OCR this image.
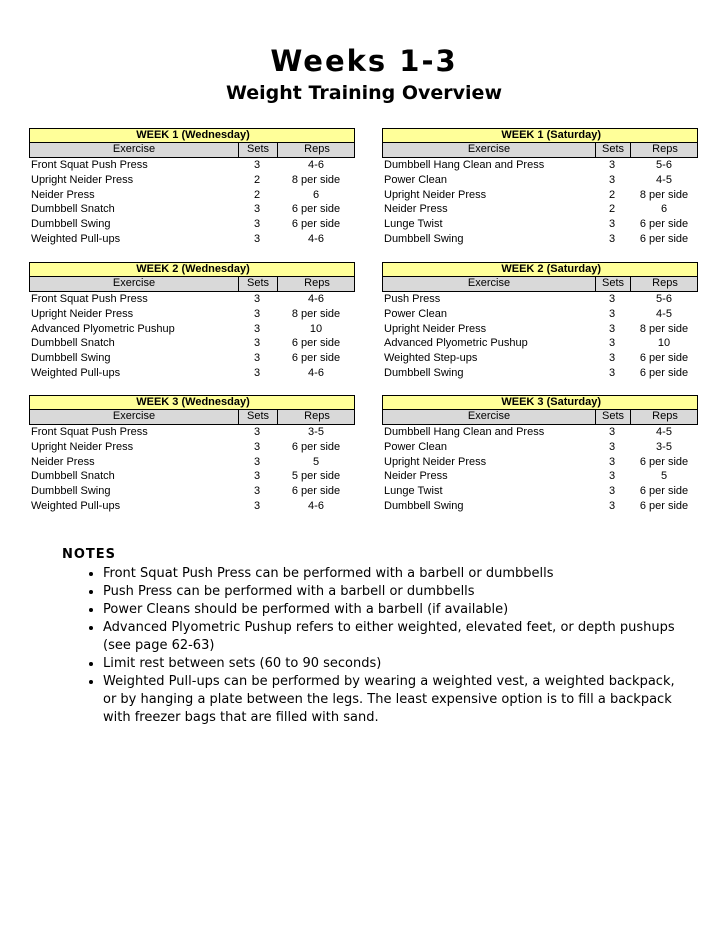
Weeks 1-3
Weight Training Overview
WEEK 1 (Wednesday)
Exercise	Sets	Reps
Front Squat Push Press	3	4-6
Upright Neider Press	2	8 per side
Neider Press	2	6
Dumbbell Snatch	3	6 per side
Dumbbell Swing	3	6 per side
Weighted Pull-ups	3	4-6
WEEK 1 (Saturday)
Exercise	Sets	Reps
Dumbbell Hang Clean and Press	3	5-6
Power Clean	3	4-5
Upright Neider Press	2	8 per side
Neider Press	2	6
Lunge Twist	3	6 per side
Dumbbell Swing	3	6 per side
WEEK 2 (Wednesday)
Exercise	Sets	Reps
Front Squat Push Press	3	4-6
Upright Neider Press	3	8 per side
Advanced Plyometric Pushup	3	10
Dumbbell Snatch	3	6 per side
Dumbbell Swing	3	6 per side
Weighted Pull-ups	3	4-6
WEEK 2 (Saturday)
Exercise	Sets	Reps
Push Press	3	5-6
Power Clean	3	4-5
Upright Neider Press	3	8 per side
Advanced Plyometric Pushup	3	10
Weighted Step-ups	3	6 per side
Dumbbell Swing	3	6 per side
WEEK 3 (Wednesday)
Exercise	Sets	Reps
Front Squat Push Press	3	3-5
Upright Neider Press	3	6 per side
Neider Press	3	5
Dumbbell Snatch	3	5 per side
Dumbbell Swing	3	6 per side
Weighted Pull-ups	3	4-6
WEEK 3 (Saturday)
Exercise	Sets	Reps
Dumbbell Hang Clean and Press	3	4-5
Power Clean	3	3-5
Upright Neider Press	3	6 per side
Neider Press	3	5
Lunge Twist	3	6 per side
Dumbbell Swing	3	6 per side
NOTES
• Front Squat Push Press can be performed with a barbell or dumbbells
• Push Press can be performed with a barbell or dumbbells
• Power Cleans should be performed with a barbell (if available)
• Advanced Plyometric Pushup refers to either weighted, elevated feet, or depth pushups (see page 62-63)
• Limit rest between sets (60 to 90 seconds)
• Weighted Pull-ups can be performed by wearing a weighted vest, a weighted backpack, or by hanging a plate between the legs. The least expensive option is to fill a backpack with freezer bags that are filled with sand.
